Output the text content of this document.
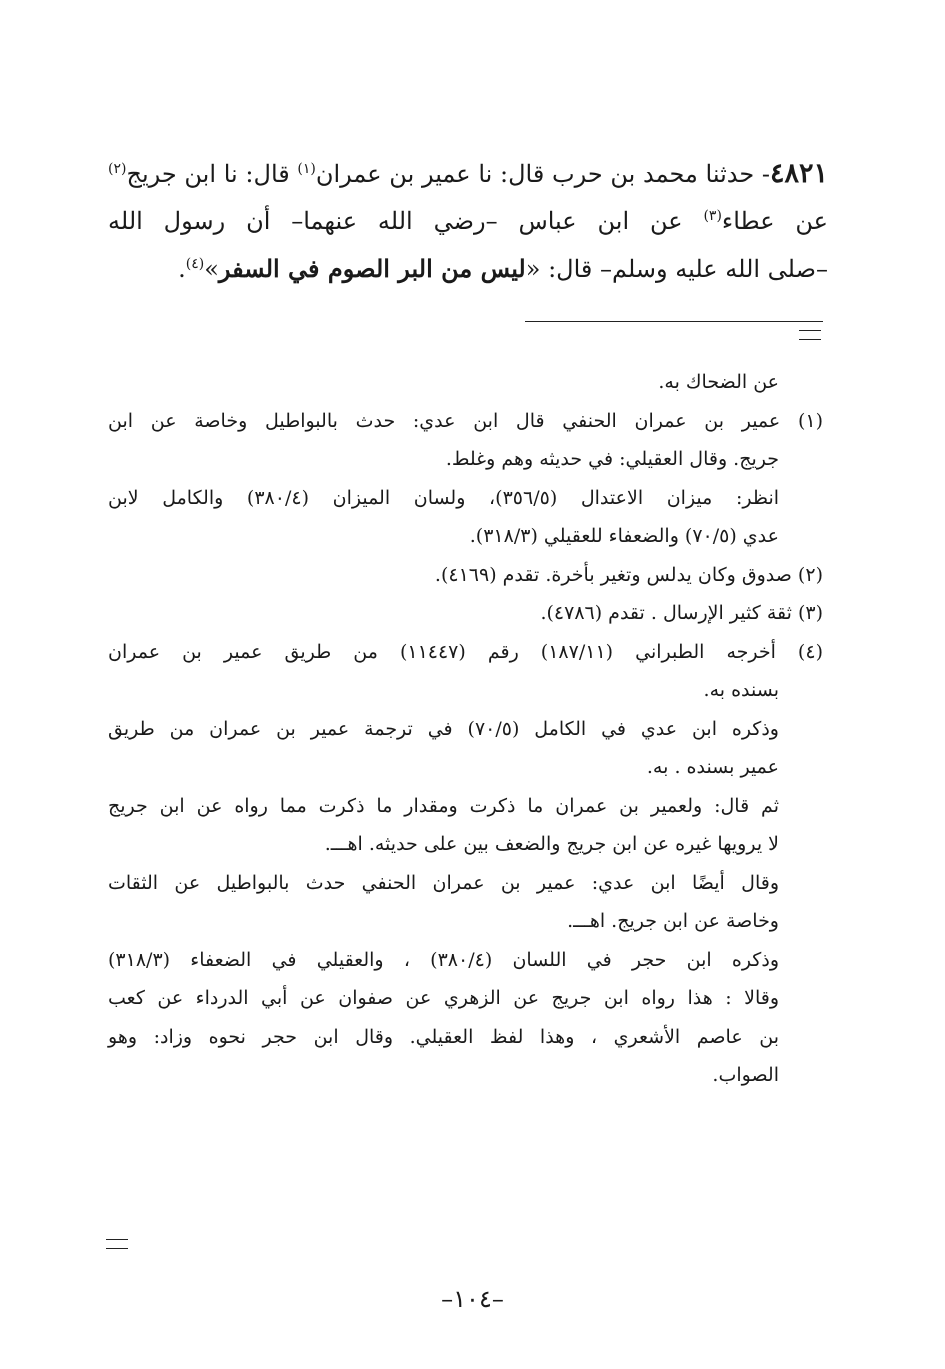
٤٨٢١- حدثنا محمد بن حرب قال: نا عمير بن عمران$^{(١)}$ قال: نا ابن جريج$^{(٢)}$ عن عطاء$^{(٣)}$ عن ابن عباس –رضي الله عنهما– أن رسول الله
–صلى الله عليه وسلم– قال: «ليس من البر الصوم في السفر»$^{(٤)}$.

عن الضحاك به.
(١) عمير بن عمران الحنفي قال ابن عدي: حدث بالبواطيل وخاصة عن ابن
جريج. وقال العقيلي: في حديثه وهم وغلط.
انظر: ميزان الاعتدال (٣٥٦/٥)، ولسان الميزان (٣٨٠/٤) والكامل لابن
عدي (٧٠/٥) والضعفاء للعقيلي (٣١٨/٣).
(٢) صدوق وكان يدلس وتغير بأخرة. تقدم (٤١٦٩).
(٣) ثقة كثير الإرسال . تقدم (٤٧٨٦).
(٤) أخرجه الطبراني (١٨٧/١١) رقم (١١٤٤٧) من طريق عمير بن عمران
بسنده به.
وذكره ابن عدي في الكامل (٧٠/٥) في ترجمة عمير بن عمران من طريق
عمير بسنده . به.
ثم قال: ولعمير بن عمران ما ذكرت ومقدار ما ذكرت مما رواه عن ابن جريج
لا يرويها غيره عن ابن جريج والضعف بين على حديثه. اهـــ.
وقال أيضًا ابن عدي: عمير بن عمران الحنفي حدث بالبواطيل عن الثقات
وخاصة عن ابن جريج. اهـــ.
وذكره ابن حجر في اللسان (٣٨٠/٤) ، والعقيلي في الضعفاء (٣١٨/٣)
وقالا : هذا رواه ابن جريج عن الزهري عن صفوان عن أبي الدرداء عن كعب
بن عاصم الأشعري ، وهذا لفظ العقيلي. وقال ابن حجر نحوه وزاد: وهو
الصواب.
–١٠٤–
